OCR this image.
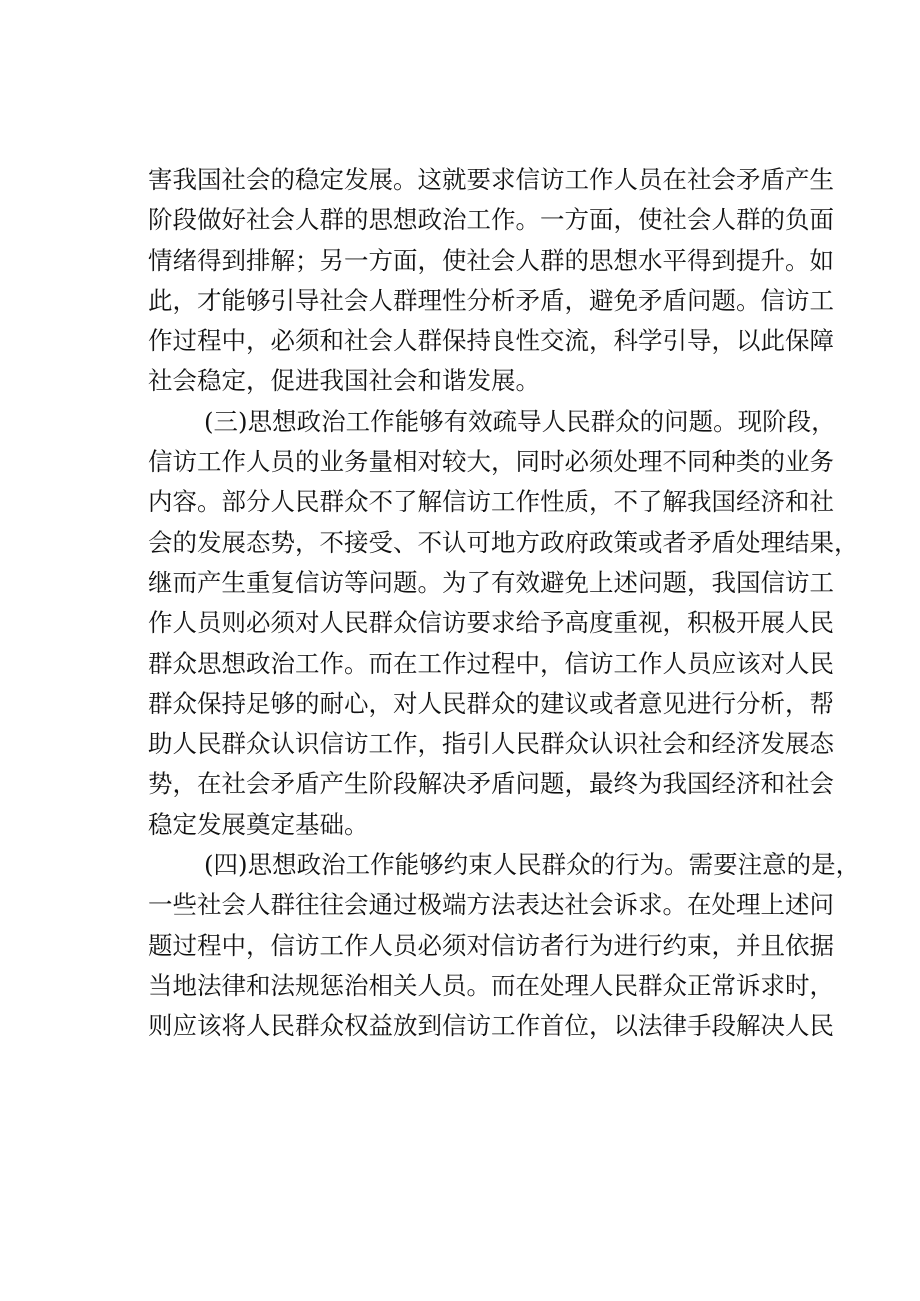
害我国社会的稳定发展。这就要求信访工作人员在社会矛盾产生
阶段做好社会人群的思想政治工作。一方面，使社会人群的负面
情绪得到排解；另一方面，使社会人群的思想水平得到提升。如
此，才能够引导社会人群理性分析矛盾，避免矛盾问题。信访工
作过程中，必须和社会人群保持良性交流，科学引导，以此保障
社会稳定，促进我国社会和谐发展。
(三)思想政治工作能够有效疏导人民群众的问题。现阶段，
信访工作人员的业务量相对较大，同时必须处理不同种类的业务
内容。部分人民群众不了解信访工作性质，不了解我国经济和社
会的发展态势，不接受、不认可地方政府政策或者矛盾处理结果，
继而产生重复信访等问题。为了有效避免上述问题，我国信访工
作人员则必须对人民群众信访要求给予高度重视，积极开展人民
群众思想政治工作。而在工作过程中，信访工作人员应该对人民
群众保持足够的耐心，对人民群众的建议或者意见进行分析，帮
助人民群众认识信访工作，指引人民群众认识社会和经济发展态
势，在社会矛盾产生阶段解决矛盾问题，最终为我国经济和社会
稳定发展奠定基础。
(四)思想政治工作能够约束人民群众的行为。需要注意的是，
一些社会人群往往会通过极端方法表达社会诉求。在处理上述问
题过程中，信访工作人员必须对信访者行为进行约束，并且依据
当地法律和法规惩治相关人员。而在处理人民群众正常诉求时，
则应该将人民群众权益放到信访工作首位，以法律手段解决人民
